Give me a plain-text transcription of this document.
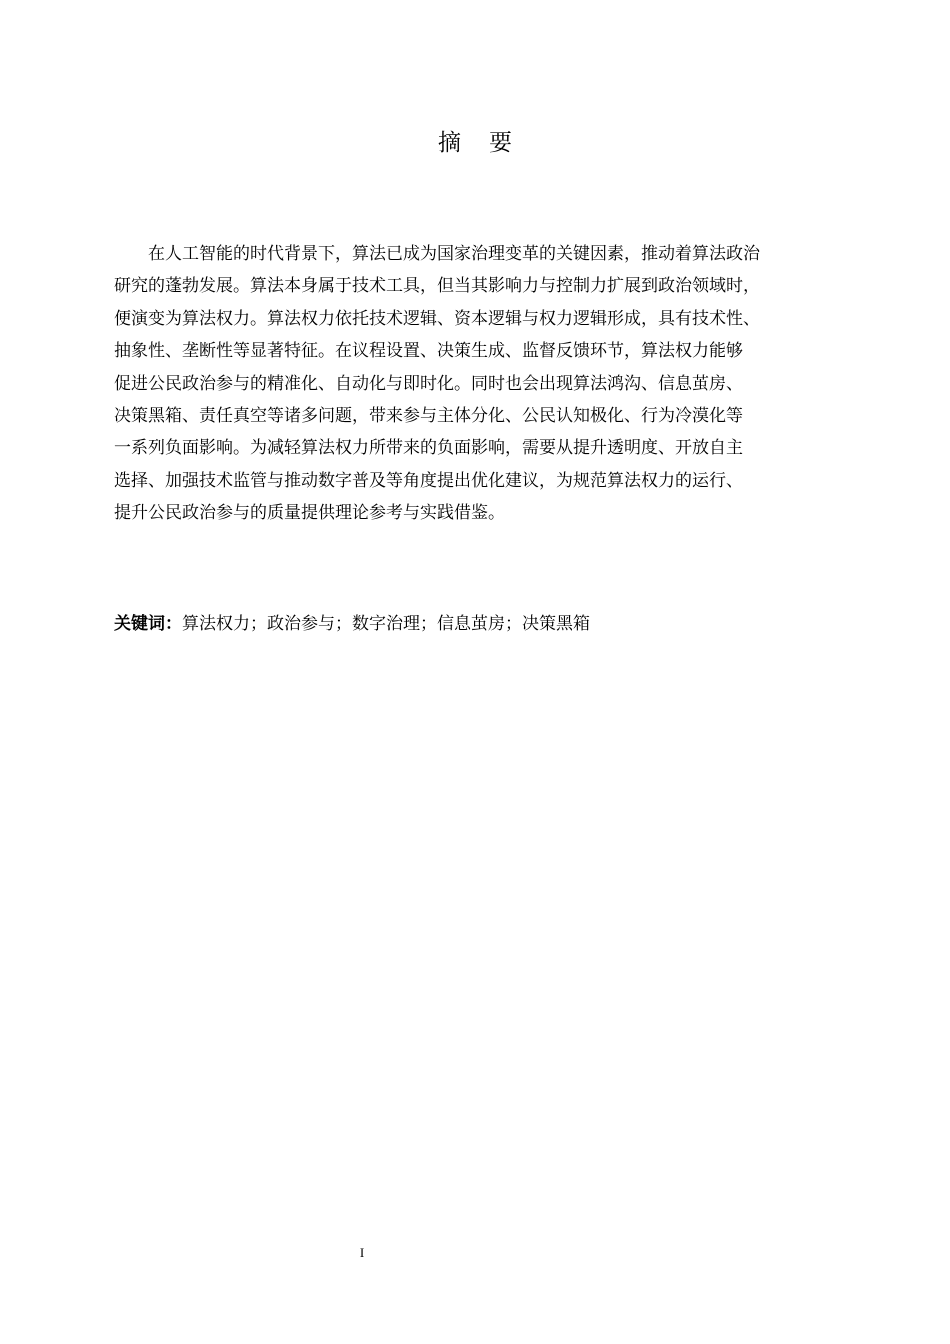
摘要
在人工智能的时代背景下，算法已成为国家治理变革的关键因素，推动着算法政治
研究的蓬勃发展。算法本身属于技术工具，但当其影响力与控制力扩展到政治领域时，
便演变为算法权力。算法权力依托技术逻辑、资本逻辑与权力逻辑形成，具有技术性、
抽象性、垄断性等显著特征。在议程设置、决策生成、监督反馈环节，算法权力能够
促进公民政治参与的精准化、自动化与即时化。同时也会出现算法鸿沟、信息茧房、
决策黑箱、责任真空等诸多问题，带来参与主体分化、公民认知极化、行为冷漠化等
一系列负面影响。为减轻算法权力所带来的负面影响，需要从提升透明度、开放自主
选择、加强技术监管与推动数字普及等角度提出优化建议，为规范算法权力的运行、
提升公民政治参与的质量提供理论参考与实践借鉴。
关键词：算法权力；政治参与；数字治理；信息茧房；决策黑箱
I
